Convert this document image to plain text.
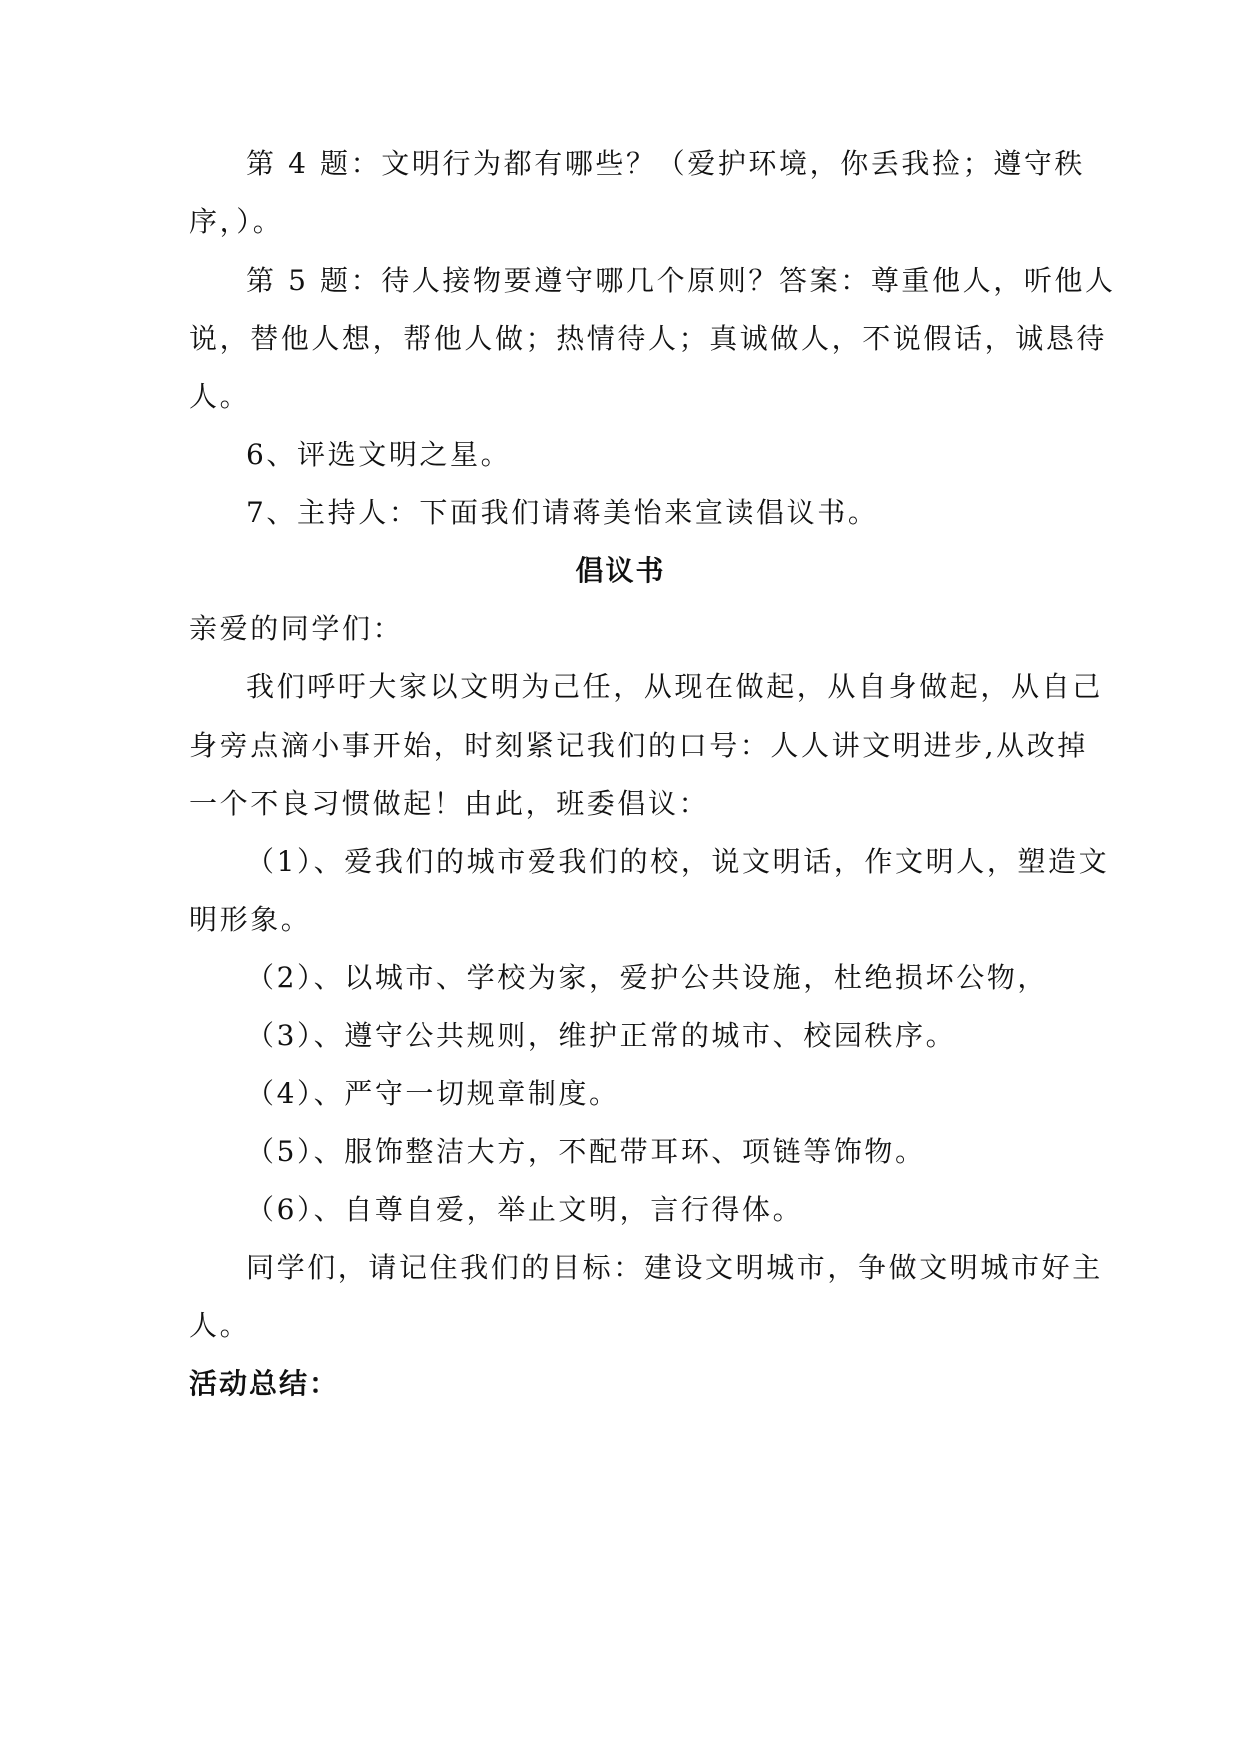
第 4 题：文明行为都有哪些？（爱护环境，你丢我捡；遵守秩
序，）。
第 5 题：待人接物要遵守哪几个原则？答案：尊重他人，听他人
说，替他人想，帮他人做；热情待人；真诚做人，不说假话，诚恳待
人。
6、评选文明之星。
7、主持人：下面我们请蒋美怡来宣读倡议书。
倡议书
亲爱的同学们：
我们呼吁大家以文明为己任，从现在做起，从自身做起，从自己
身旁点滴小事开始，时刻紧记我们的口号：人人讲文明进步,从改掉
一个不良习惯做起！由此，班委倡议：
（1）、爱我们的城市爱我们的校，说文明话，作文明人，塑造文
明形象。
（2）、以城市、学校为家，爱护公共设施，杜绝损坏公物，
（3）、遵守公共规则，维护正常的城市、校园秩序。
（4）、严守一切规章制度。
（5）、服饰整洁大方，不配带耳环、项链等饰物。
（6）、自尊自爱，举止文明，言行得体。
同学们，请记住我们的目标：建设文明城市，争做文明城市好主
人。
活动总结：
